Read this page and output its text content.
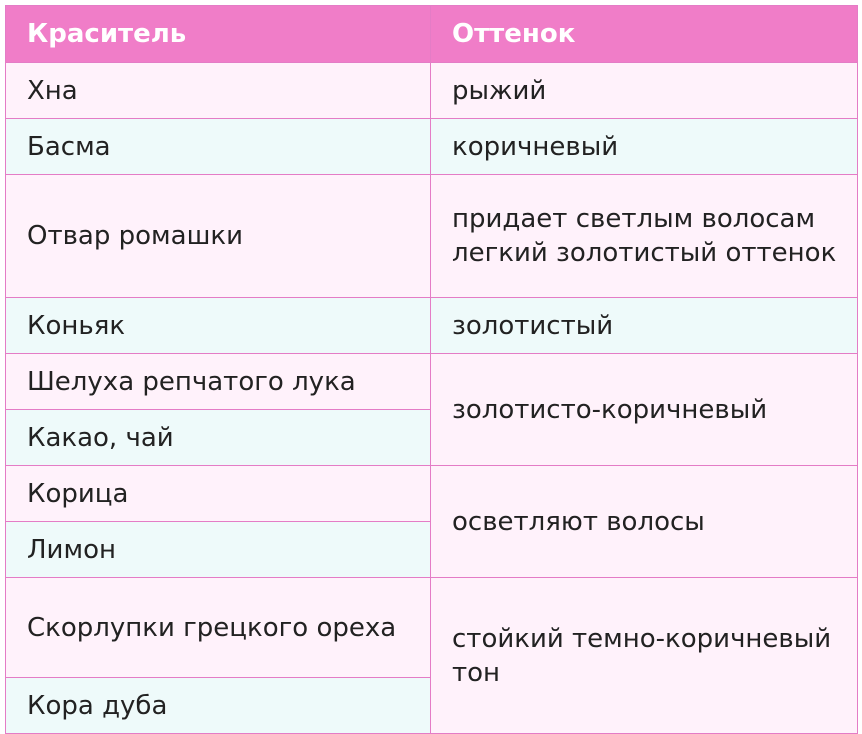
Краситель	Оттенок
Хна	рыжий
Басма	коричневый
Отвар ромашки	придает светлым волосам легкий золотистый оттенок
Коньяк	золотистый
Шелуха репчатого лука	золотисто-коричневый
Какао, чай	
Корица	осветляют волосы
Лимон	
Скорлупки грецкого ореха	стойкий темно-коричневый тон
Кора дуба	
